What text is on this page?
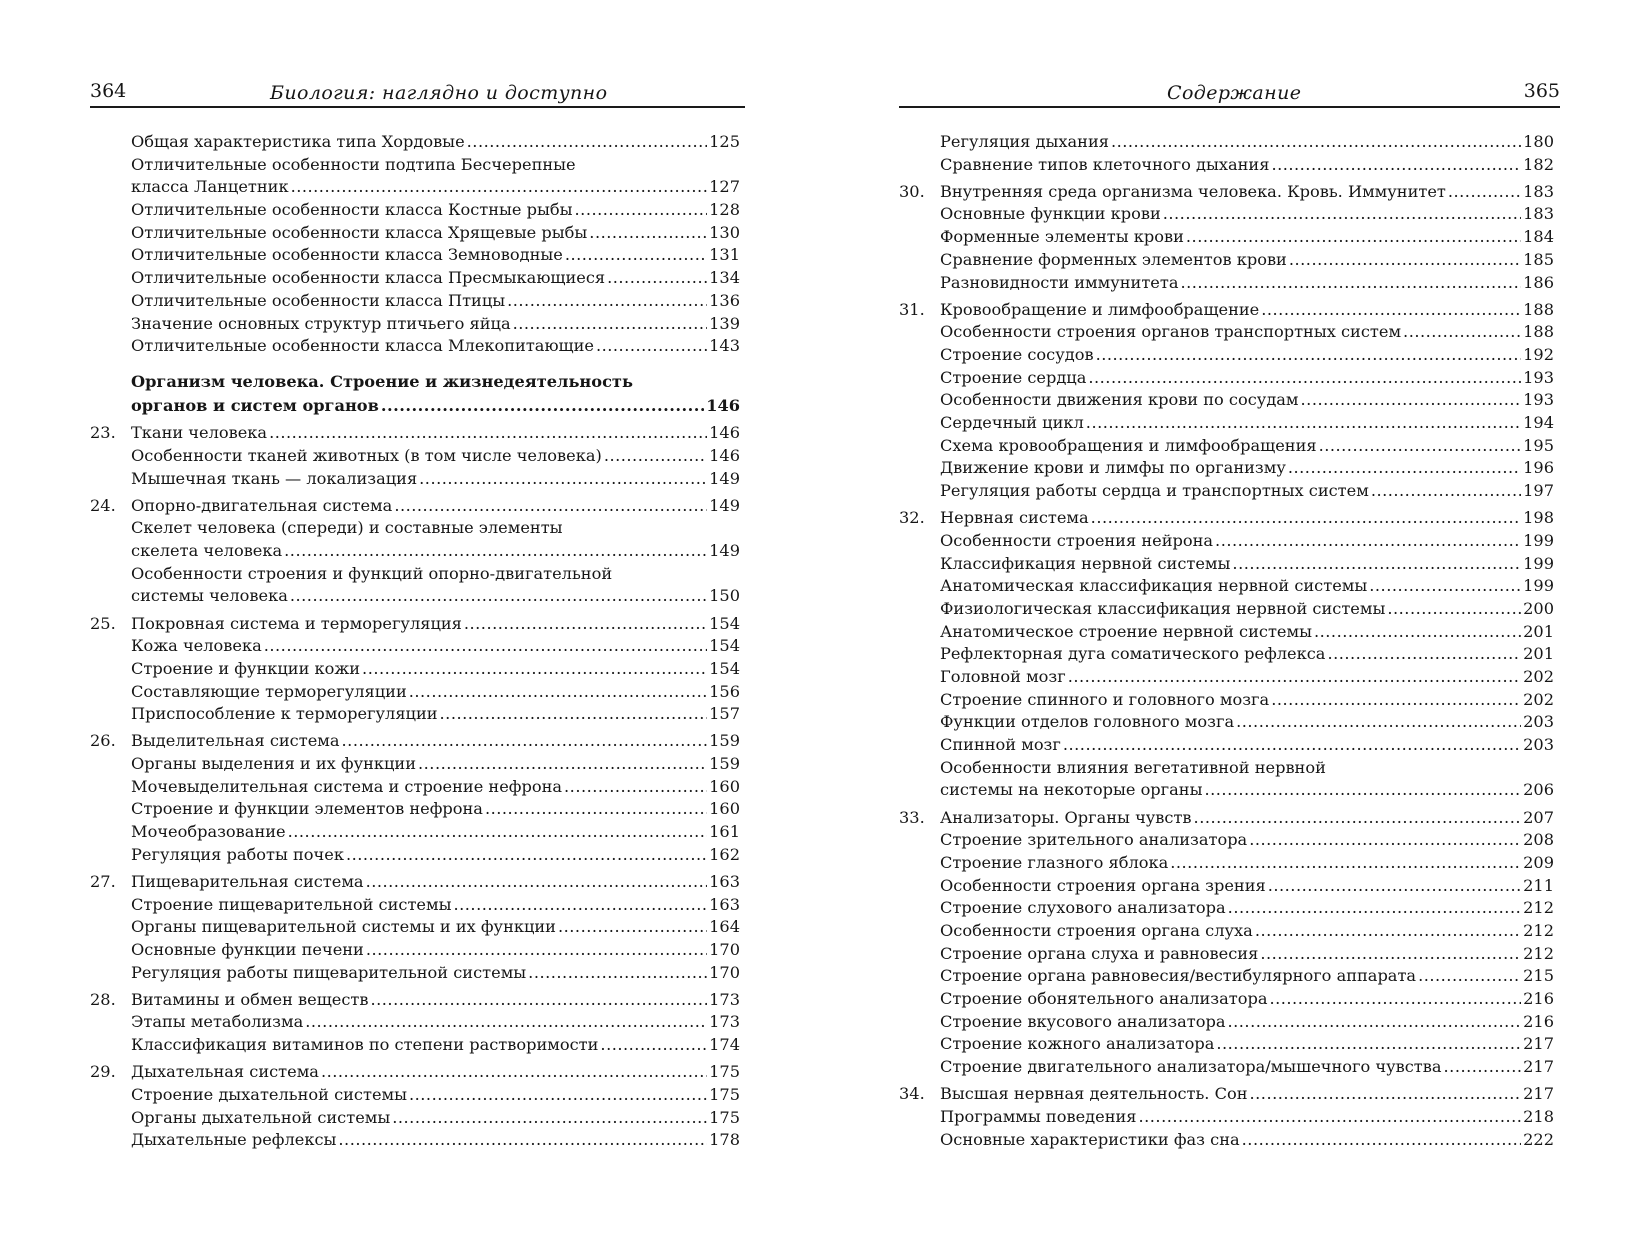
364	Биология: наглядно и доступно
Общая характеристика типа Хордовые .....	125
Отличительные особенности подтипа Бесчерепные
класса Ланцетник .....	127
Отличительные особенности класса Костные рыбы .....	128
Отличительные особенности класса Хрящевые рыбы .....	130
Отличительные особенности класса Земноводные .....	131
Отличительные особенности класса Пресмыкающиеся .....	134
Отличительные особенности класса Птицы .....	136
Значение основных структур птичьего яйца .....	139
Отличительные особенности класса Млекопитающие .....	143
Организм человека. Строение и жизнедеятельность
органов и систем органов .....	146
23. Ткани человека .....	146
Особенности тканей животных (в том числе человека) .....	146
Мышечная ткань — локализация .....	149
24. Опорно-двигательная система .....	149
Скелет человека (спереди) и составные элементы
скелета человека .....	149
Особенности строения и функций опорно-двигательной
системы человека .....	150
25. Покровная система и терморегуляция .....	154
Кожа человека .....	154
Строение и функции кожи .....	154
Составляющие терморегуляции .....	156
Приспособление к терморегуляции .....	157
26. Выделительная система .....	159
Органы выделения и их функции .....	159
Мочевыделительная система и строение нефрона .....	160
Строение и функции элементов нефрона .....	160
Мочеобразование .....	161
Регуляция работы почек .....	162
27. Пищеварительная система .....	163
Строение пищеварительной системы .....	163
Органы пищеварительной системы и их функции .....	164
Основные функции печени .....	170
Регуляция работы пищеварительной системы .....	170
28. Витамины и обмен веществ .....	173
Этапы метаболизма .....	173
Классификация витаминов по степени растворимости .....	174
29. Дыхательная система .....	175
Строение дыхательной системы .....	175
Органы дыхательной системы .....	175
Дыхательные рефлексы .....	178
Содержание	365
Регуляция дыхания .....	180
Сравнение типов клеточного дыхания .....	182
30. Внутренняя среда организма человека. Кровь. Иммунитет .....	183
Основные функции крови .....	183
Форменные элементы крови .....	184
Сравнение форменных элементов крови .....	185
Разновидности иммунитета .....	186
31. Кровообращение и лимфообращение .....	188
Особенности строения органов транспортных систем .....	188
Строение сосудов .....	192
Строение сердца .....	193
Особенности движения крови по сосудам .....	193
Сердечный цикл .....	194
Схема кровообращения и лимфообращения .....	195
Движение крови и лимфы по организму .....	196
Регуляция работы сердца и транспортных систем .....	197
32. Нервная система .....	198
Особенности строения нейрона .....	199
Классификация нервной системы .....	199
Анатомическая классификация нервной системы .....	199
Физиологическая классификация нервной системы .....	200
Анатомическое строение нервной системы .....	201
Рефлекторная дуга соматического рефлекса .....	201
Головной мозг .....	202
Строение спинного и головного мозга .....	202
Функции отделов головного мозга .....	203
Спинной мозг .....	203
Особенности влияния вегетативной нервной
системы на некоторые органы .....	206
33. Анализаторы. Органы чувств .....	207
Строение зрительного анализатора .....	208
Строение глазного яблока .....	209
Особенности строения органа зрения .....	211
Строение слухового анализатора .....	212
Особенности строения органа слуха .....	212
Строение органа слуха и равновесия .....	212
Строение органа равновесия/вестибулярного аппарата .....	215
Строение обонятельного анализатора .....	216
Строение вкусового анализатора .....	216
Строение кожного анализатора .....	217
Строение двигательного анализатора/мышечного чувства .....	217
34. Высшая нервная деятельность. Сон .....	217
Программы поведения .....	218
Основные характеристики фаз сна .....	222
